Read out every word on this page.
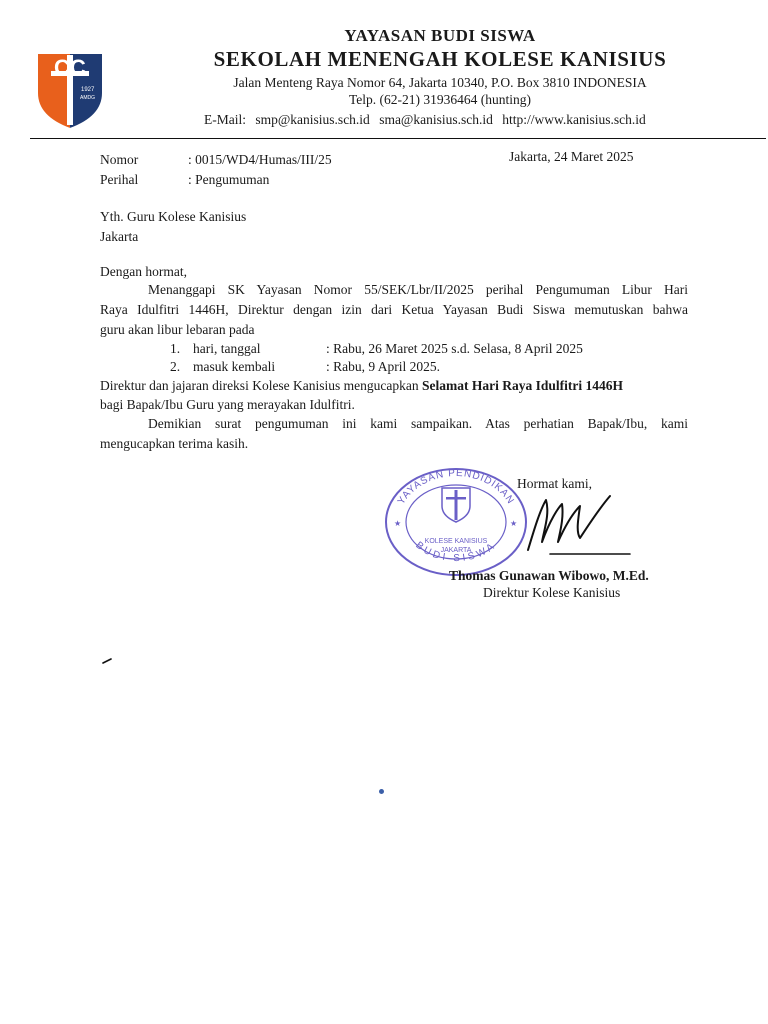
CC
1927
AMDG
YAYASAN BUDI SISWA
SEKOLAH MENENGAH KOLESE KANISIUS
Jalan Menteng Raya Nomor 64, Jakarta 10340, P.O. Box 3810 INDONESIA
Telp. (62-21) 31936464 (hunting)
E-Mail: smp@kanisius.sch.id sma@kanisius.sch.id http://www.kanisius.sch.id
Nomor	: 0015/WD4/Humas/III/25	Jakarta, 24 Maret 2025
Perihal	: Pengumuman
Yth. Guru Kolese Kanisius
Jakarta
Dengan hormat,
Menanggapi SK Yayasan Nomor 55/SEK/Lbr/II/2025 perihal Pengumuman Libur Hari
Raya Idulfitri 1446H, Direktur dengan izin dari Ketua Yayasan Budi Siswa memutuskan bahwa
guru akan libur lebaran pada
1. hari, tanggal	: Rabu, 26 Maret 2025 s.d. Selasa, 8 April 2025
2. masuk kembali	: Rabu, 9 April 2025.
Direktur dan jajaran direksi Kolese Kanisius mengucapkan Selamat Hari Raya Idulfitri 1446H
bagi Bapak/Ibu Guru yang merayakan Idulfitri.
Demikian surat pengumuman ini kami sampaikan. Atas perhatian Bapak/Ibu, kami
mengucapkan terima kasih.
YAYASAN PENDIDIKAN
BUDI SISWA
KOLESE KANISIUS
JAKARTA
★	★
Hormat kami,
Thomas Gunawan Wibowo, M.Ed.
Direktur Kolese Kanisius
